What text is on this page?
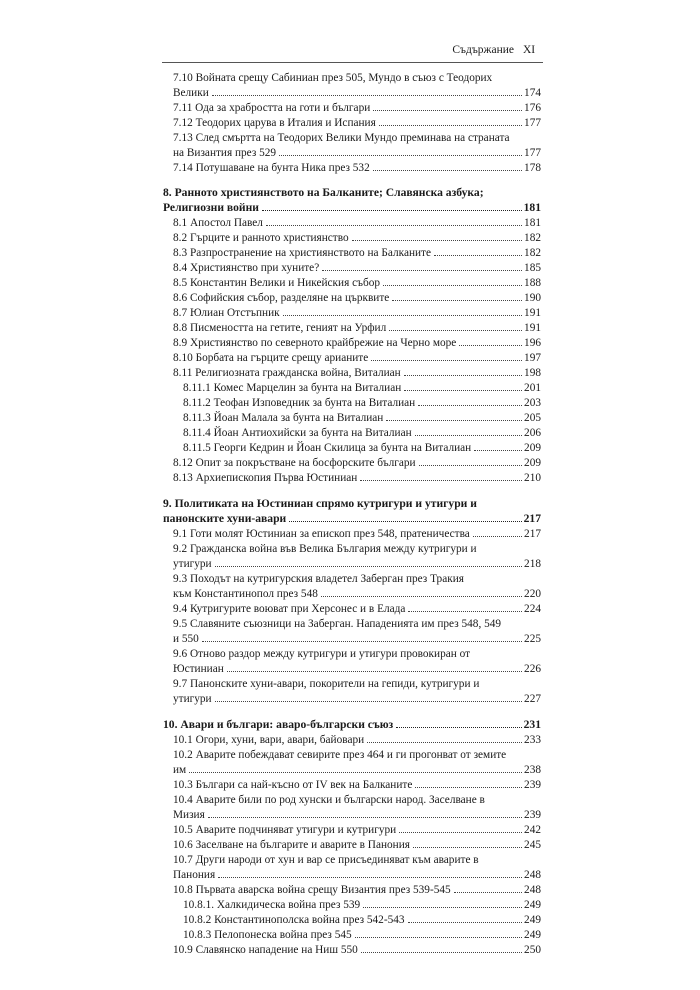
Съдържание XI
7.10 Войната срещу Сабиниан през 505, Мундо в съюз с Теодорих
Велики	174
7.11 Ода за храбростта на готи и българи	176
7.12 Теодорих царува в Италия и Испания	177
7.13 След смъртта на Теодорих Велики Мундо преминава на страната
на Византия през 529	177
7.14 Потушаване на бунта Ника през 532	178
8. Ранното християнството на Балканите; Славянска азбука;
Религиозни войни	181
8.1 Апостол Павел	181
8.2 Гърците и ранното християнство	182
8.3 Разпространение на християнството на Балканите	182
8.4 Християнство при хуните?	185
8.5 Константин Велики и Никейския събор	188
8.6 Софийския събор, разделяне на църквите	190
8.7 Юлиан Отстъпник	191
8.8 Писмеността на гетите, геният на Урфил	191
8.9 Християнство по северното крайбрежие на Черно море	196
8.10 Борбата на гърците срещу арианите	197
8.11 Религиозната гражданска война, Виталиан	198
8.11.1 Комес Марцелин за бунта на Виталиан	201
8.11.2 Теофан Изповедник за бунта на Виталиан	203
8.11.3 Йоан Малала за бунта на Виталиан	205
8.11.4 Йоан Антиохийски за бунта на Виталиан	206
8.11.5 Георги Кедрин и Йоан Скилица за бунта на Виталиан	209
8.12 Опит за покръстване на босфорските българи	209
8.13 Архиепископия Първа Юстиниан	210
9. Политиката на Юстиниан спрямо кутригури и утигури и
панонските хуни-авари	217
9.1 Готи молят Юстиниан за епископ през 548, пратеничества	217
9.2 Гражданска война във Велика България между кутригури и
утигури	218
9.3 Походът на кутригурския владетел Заберган през Тракия
към Константинопол през 548	220
9.4 Кутригурите воюват при Херсонес и в Елада	224
9.5 Славяните съюзници на Заберган. Нападенията им през 548, 549
и 550	225
9.6 Отново раздор между кутригури и утигури провокиран от
Юстиниан	226
9.7 Панонските хуни-авари, покорители на гепиди, кутригури и
утигури	227
10. Авари и българи: аваро-български съюз	231
10.1 Огори, хуни, вари, авари, байовари	233
10.2 Аварите побеждават севирите през 464 и ги прогонват от земите
им	238
10.3 Българи са най-късно от IV век на Балканите	239
10.4 Аварите били по род хунски и български народ. Заселване в
Мизия	239
10.5 Аварите подчиняват утигури и кутригури	242
10.6 Заселване на българите и аварите в Панония	245
10.7 Други народи от хун и вар се присъединяват към аварите в
Панония	248
10.8 Първата аварска война срещу Византия през 539-545	248
10.8.1. Халкидическа война през 539	249
10.8.2 Константинополска война през 542-543	249
10.8.3 Пелопонеска война през 545	249
10.9 Славянско нападение на Ниш 550	250
